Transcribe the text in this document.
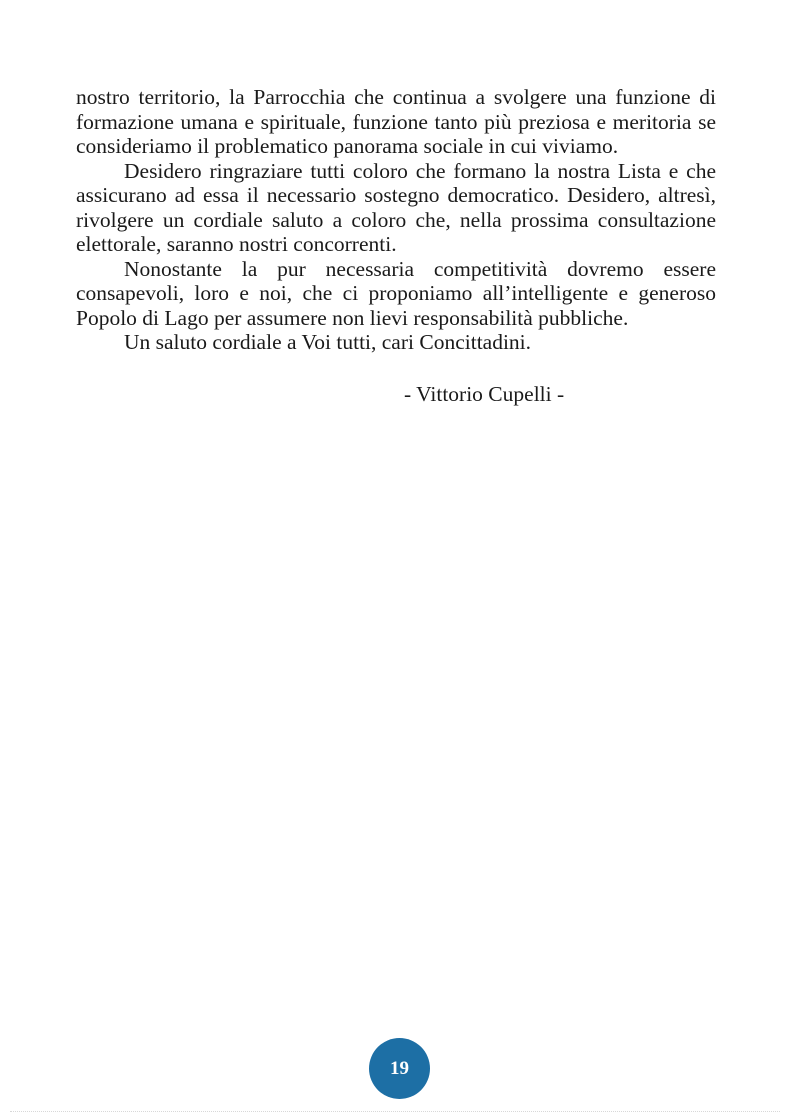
nostro territorio, la Parrocchia che continua a svolgere una funzione di formazione umana e spirituale, funzione tanto più preziosa e meritoria se consideriamo il problematico panorama sociale in cui viviamo.

Desidero ringraziare tutti coloro che formano la nostra Lista e che assicurano ad essa il necessario sostegno democratico. Desidero, altresì, rivolgere un cordiale saluto a coloro che, nella prossima consultazione elettorale, saranno nostri concorrenti.

Nonostante la pur necessaria competitività dovremo essere consapevoli, loro e noi, che ci proponiamo all’intelligente e generoso Popolo di Lago per assumere non lievi responsabilità pubbliche.

Un saluto cordiale a Voi tutti, cari Concittadini.

- Vittorio Cupelli -
19
